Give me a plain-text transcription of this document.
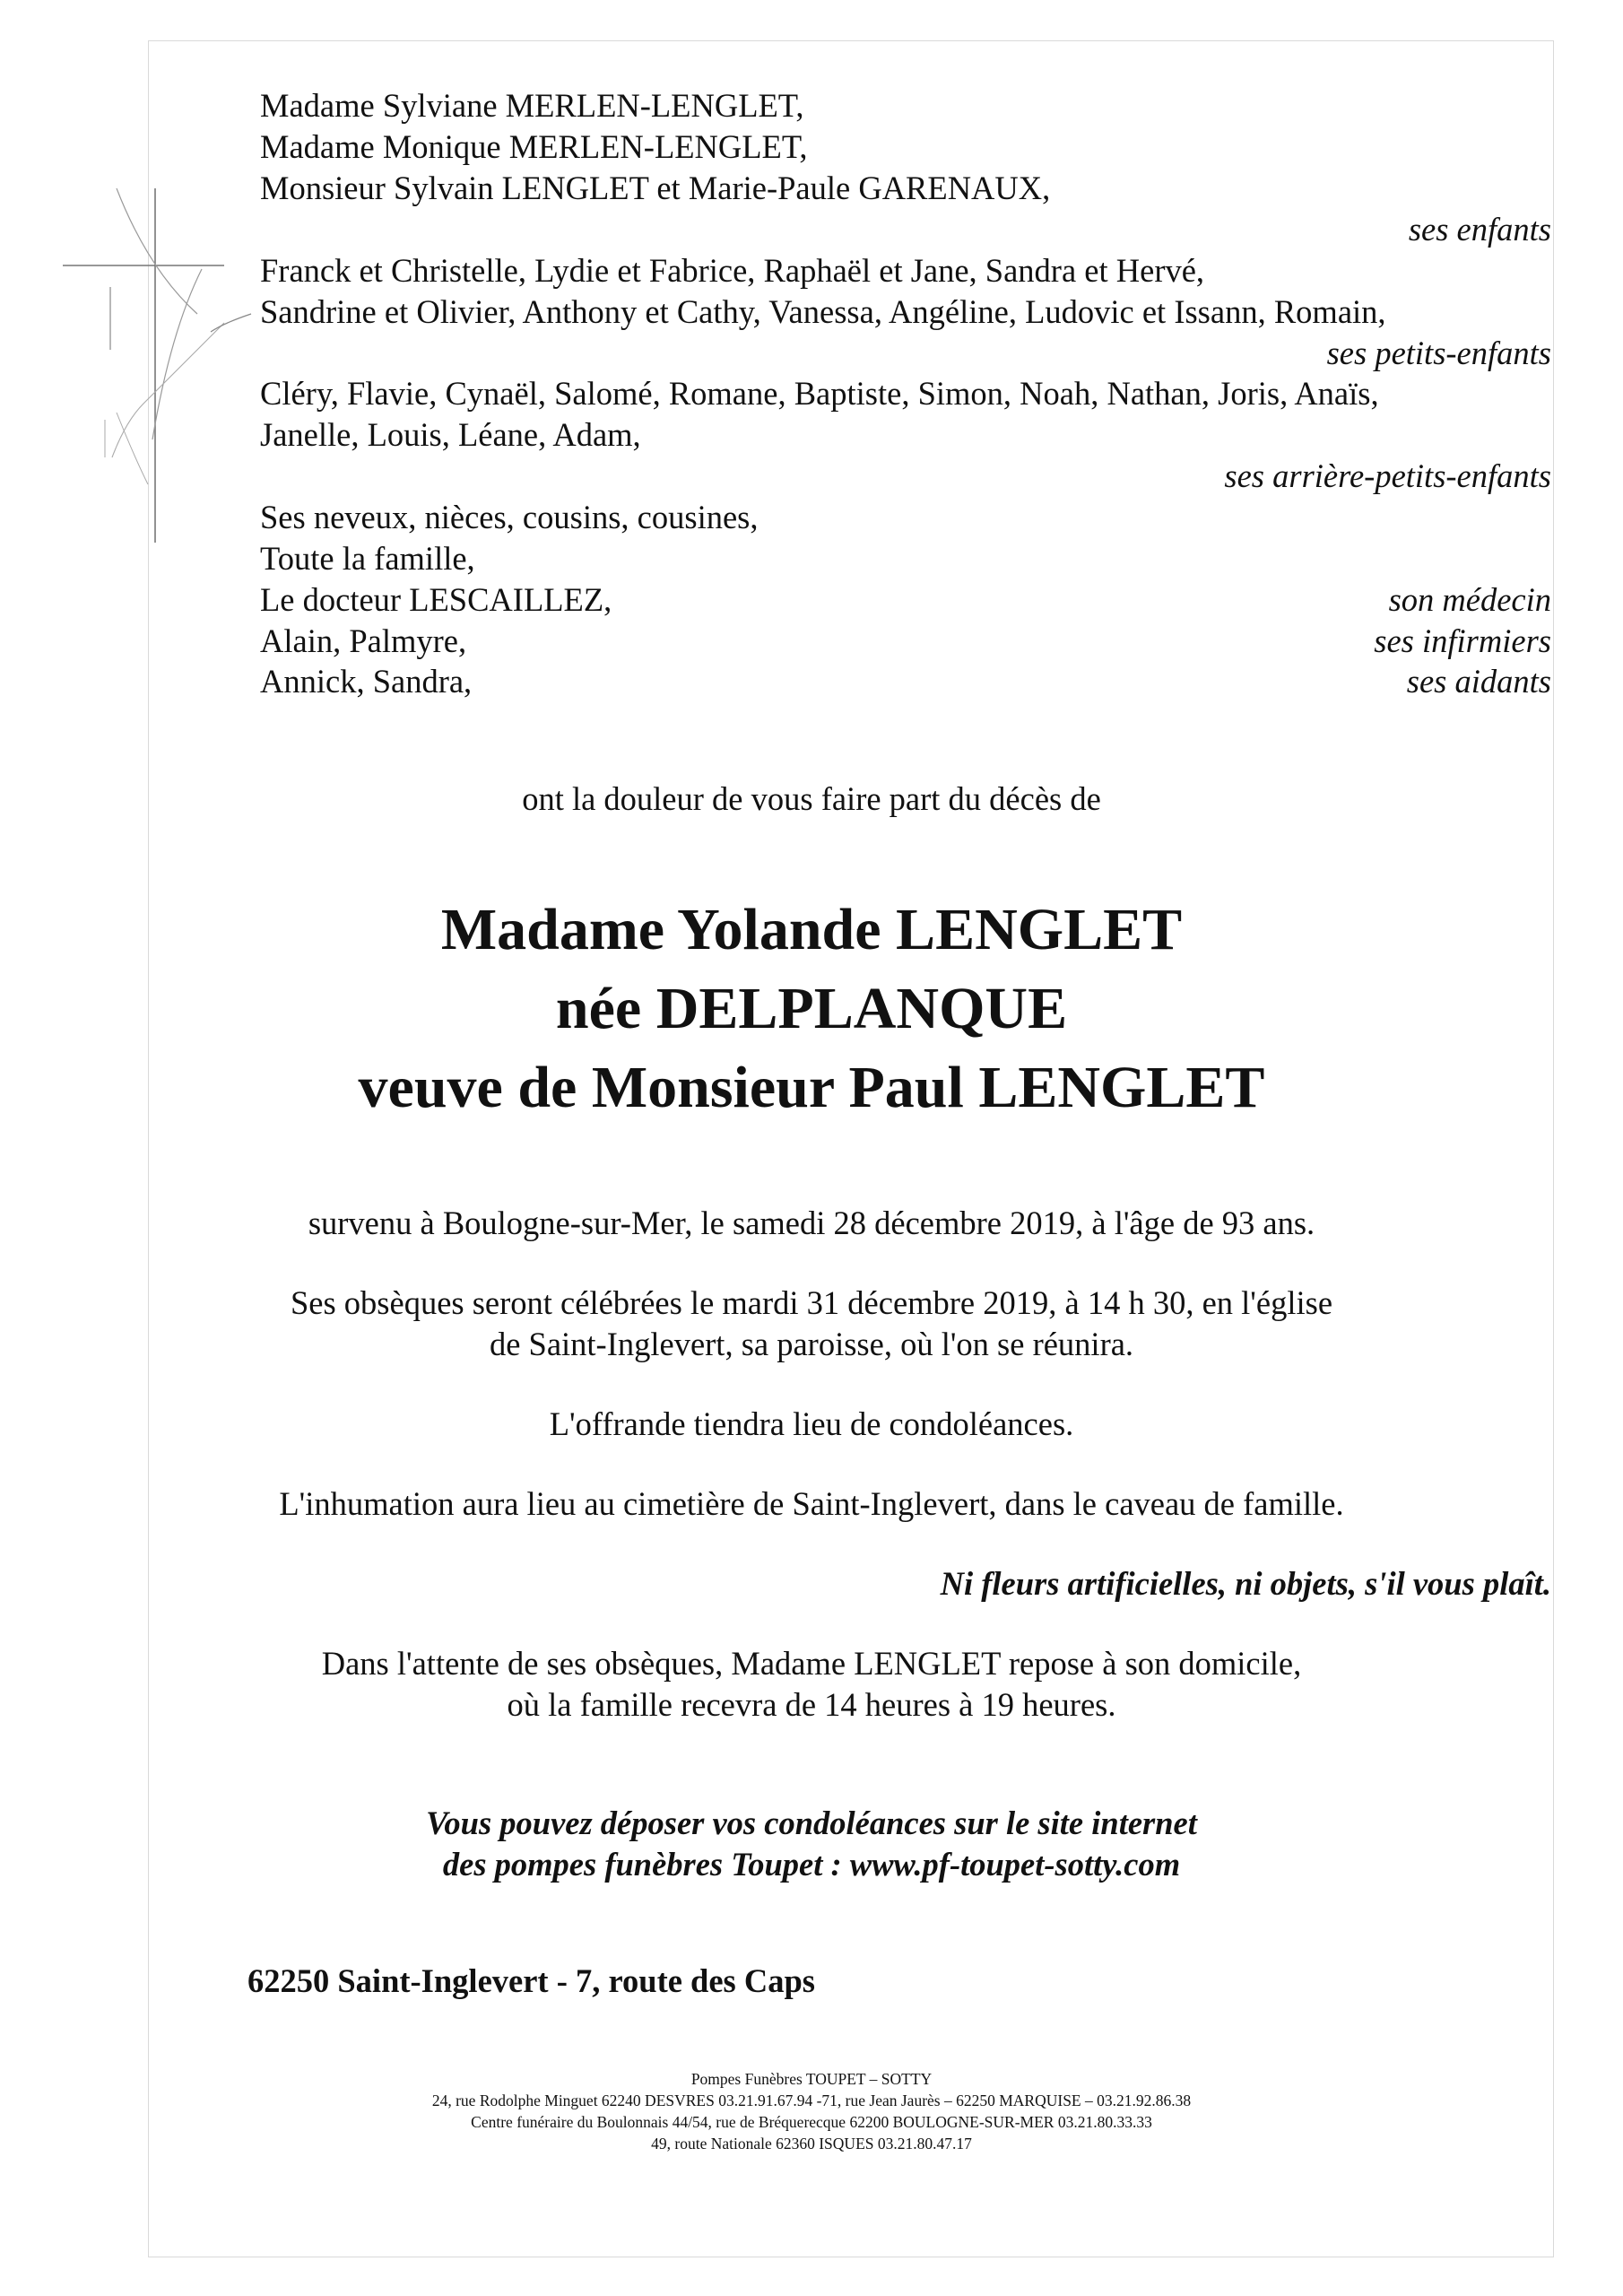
Madame Sylviane MERLEN-LENGLET,
Madame Monique MERLEN-LENGLET,
Monsieur Sylvain LENGLET et Marie-Paule GARENAUX,
ses enfants
Franck et Christelle, Lydie et Fabrice, Raphaël et Jane, Sandra et Hervé,
Sandrine et Olivier, Anthony et Cathy, Vanessa, Angéline, Ludovic et Issann, Romain,
ses petits-enfants
Cléry, Flavie, Cynaël, Salomé, Romane, Baptiste, Simon, Noah, Nathan, Joris, Anaïs,
Janelle, Louis, Léane, Adam,
ses arrière-petits-enfants
Ses neveux, nièces, cousins, cousines,
Toute la famille,
Le docteur LESCAILLEZ,	son médecin
Alain, Palmyre,	ses infirmiers
Annick, Sandra,	ses aidants
ont la douleur de vous faire part du décès de
Madame Yolande LENGLET
née DELPLANQUE
veuve de Monsieur Paul LENGLET
survenu à Boulogne-sur-Mer, le samedi 28 décembre 2019, à l'âge de 93 ans.
Ses obsèques seront célébrées le mardi 31 décembre 2019, à 14 h 30, en l'église
de Saint-Inglevert, sa paroisse, où l'on se réunira.
L'offrande tiendra lieu de condoléances.
L'inhumation aura lieu au cimetière de Saint-Inglevert, dans le caveau de famille.
Ni fleurs artificielles, ni objets, s'il vous plaît.
Dans l'attente de ses obsèques, Madame LENGLET repose à son domicile,
où la famille recevra de 14 heures à 19 heures.
Vous pouvez déposer vos condoléances sur le site internet
des pompes funèbres Toupet : www.pf-toupet-sotty.com
62250 Saint-Inglevert - 7, route des Caps
Pompes Funèbres TOUPET – SOTTY
24, rue Rodolphe Minguet 62240 DESVRES 03.21.91.67.94 -71, rue Jean Jaurès – 62250 MARQUISE – 03.21.92.86.38
Centre funéraire du Boulonnais 44/54, rue de Bréquerecque 62200 BOULOGNE-SUR-MER 03.21.80.33.33
49, route Nationale 62360 ISQUES 03.21.80.47.17
